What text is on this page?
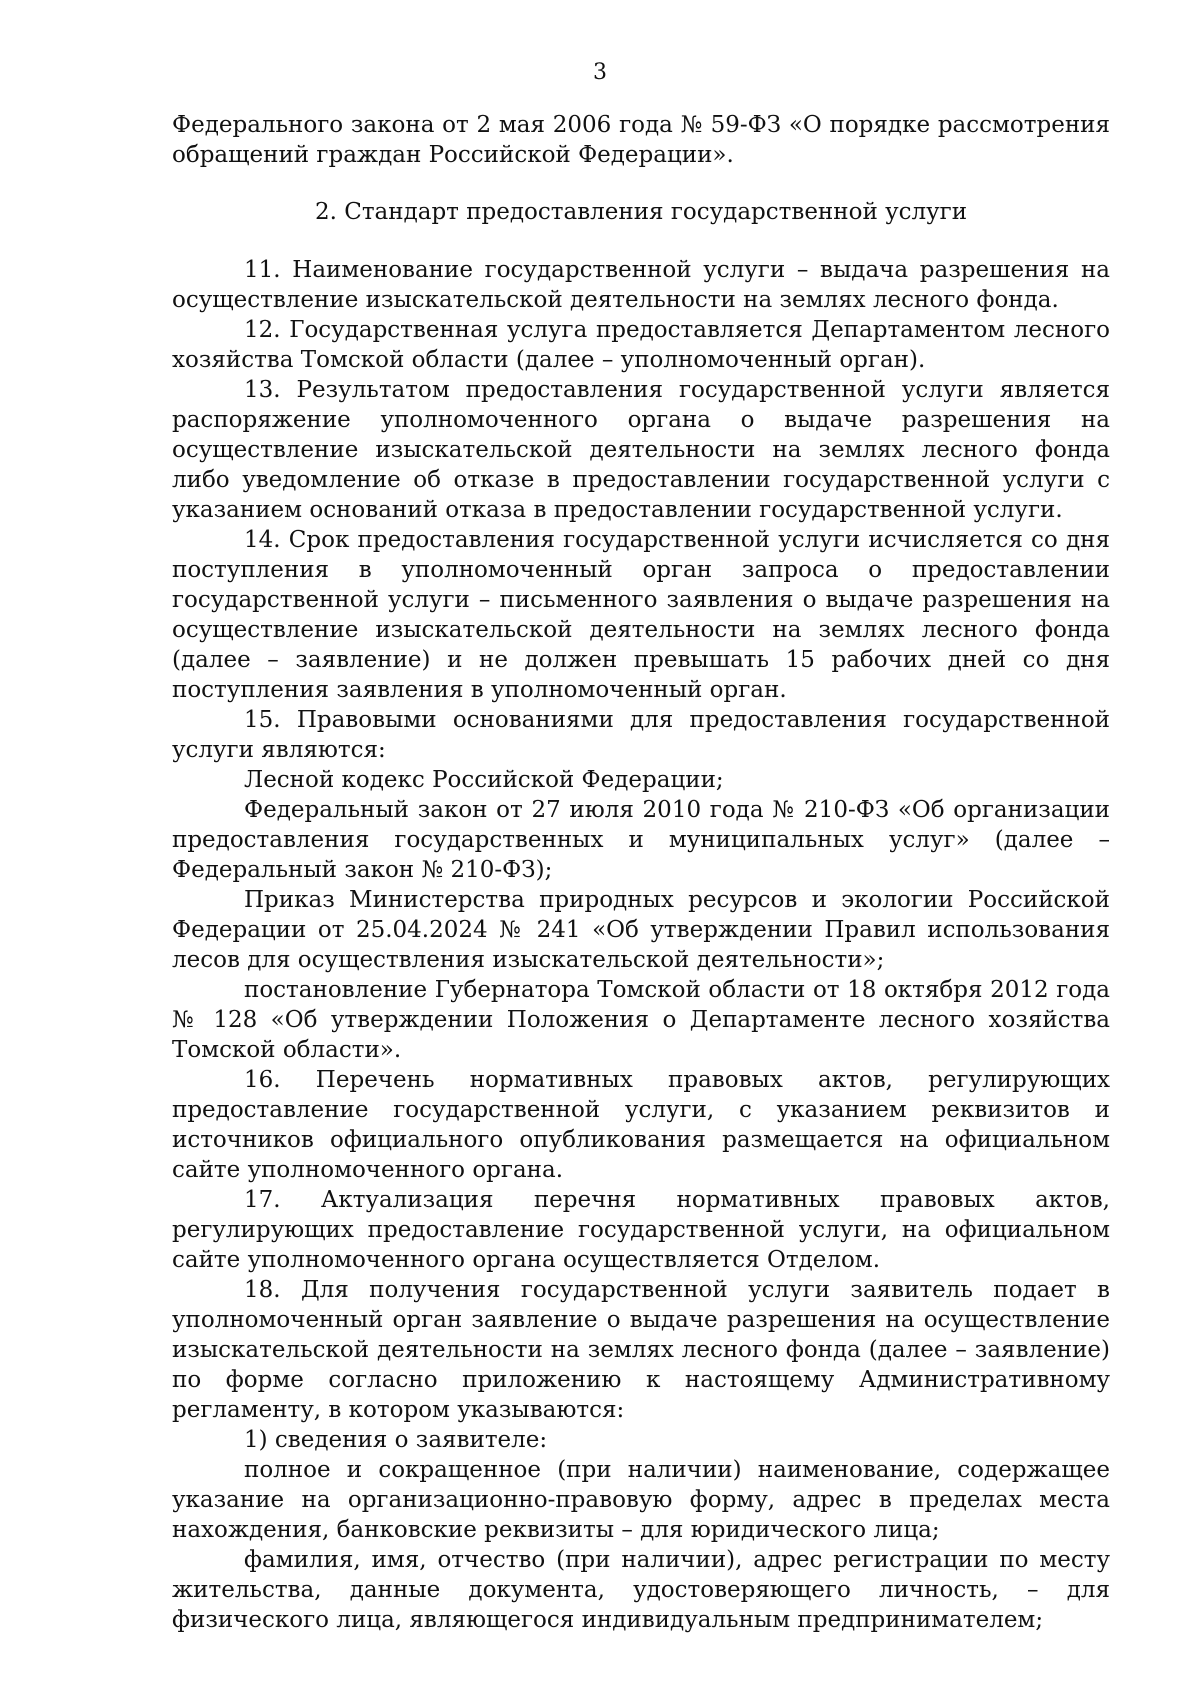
3

Федерального закона от 2 мая 2006 года № 59-ФЗ «О порядке рассмотрения обращений граждан Российской Федерации».

2. Стандарт предоставления государственной услуги

11. Наименование государственной услуги – выдача разрешения на осуществление изыскательской деятельности на землях лесного фонда.

12. Государственная услуга предоставляется Департаментом лесного хозяйства Томской области (далее – уполномоченный орган).

13. Результатом предоставления государственной услуги является распоряжение уполномоченного органа о выдаче разрешения на осуществление изыскательской деятельности на землях лесного фонда либо уведомление об отказе в предоставлении государственной услуги с указанием оснований отказа в предоставлении государственной услуги.

14. Срок предоставления государственной услуги исчисляется со дня поступления в уполномоченный орган запроса о предоставлении государственной услуги – письменного заявления о выдаче разрешения на осуществление изыскательской деятельности на землях лесного фонда (далее – заявление) и не должен превышать 15 рабочих дней со дня поступления заявления в уполномоченный орган.

15. Правовыми основаниями для предоставления государственной услуги являются:

Лесной кодекс Российской Федерации;

Федеральный закон от 27 июля 2010 года № 210-ФЗ «Об организации предоставления государственных и муниципальных услуг» (далее – Федеральный закон № 210-ФЗ);

Приказ Министерства природных ресурсов и экологии Российской Федерации от 25.04.2024 № 241 «Об утверждении Правил использования лесов для осуществления изыскательской деятельности»;

постановление Губернатора Томской области от 18 октября 2012 года № 128 «Об утверждении Положения о Департаменте лесного хозяйства Томской области».

16. Перечень нормативных правовых актов, регулирующих предоставление государственной услуги, с указанием реквизитов и источников официального опубликования размещается на официальном сайте уполномоченного органа.

17. Актуализация перечня нормативных правовых актов, регулирующих предоставление государственной услуги, на официальном сайте уполномоченного органа осуществляется Отделом.

18. Для получения государственной услуги заявитель подает в уполномоченный орган заявление о выдаче разрешения на осуществление изыскательской деятельности на землях лесного фонда (далее – заявление) по форме согласно приложению к настоящему Административному регламенту, в котором указываются:

1) сведения о заявителе:

полное и сокращенное (при наличии) наименование, содержащее указание на организационно-правовую форму, адрес в пределах места нахождения, банковские реквизиты – для юридического лица;

фамилия, имя, отчество (при наличии), адрес регистрации по месту жительства, данные документа, удостоверяющего личность, – для физического лица, являющегося индивидуальным предпринимателем;
